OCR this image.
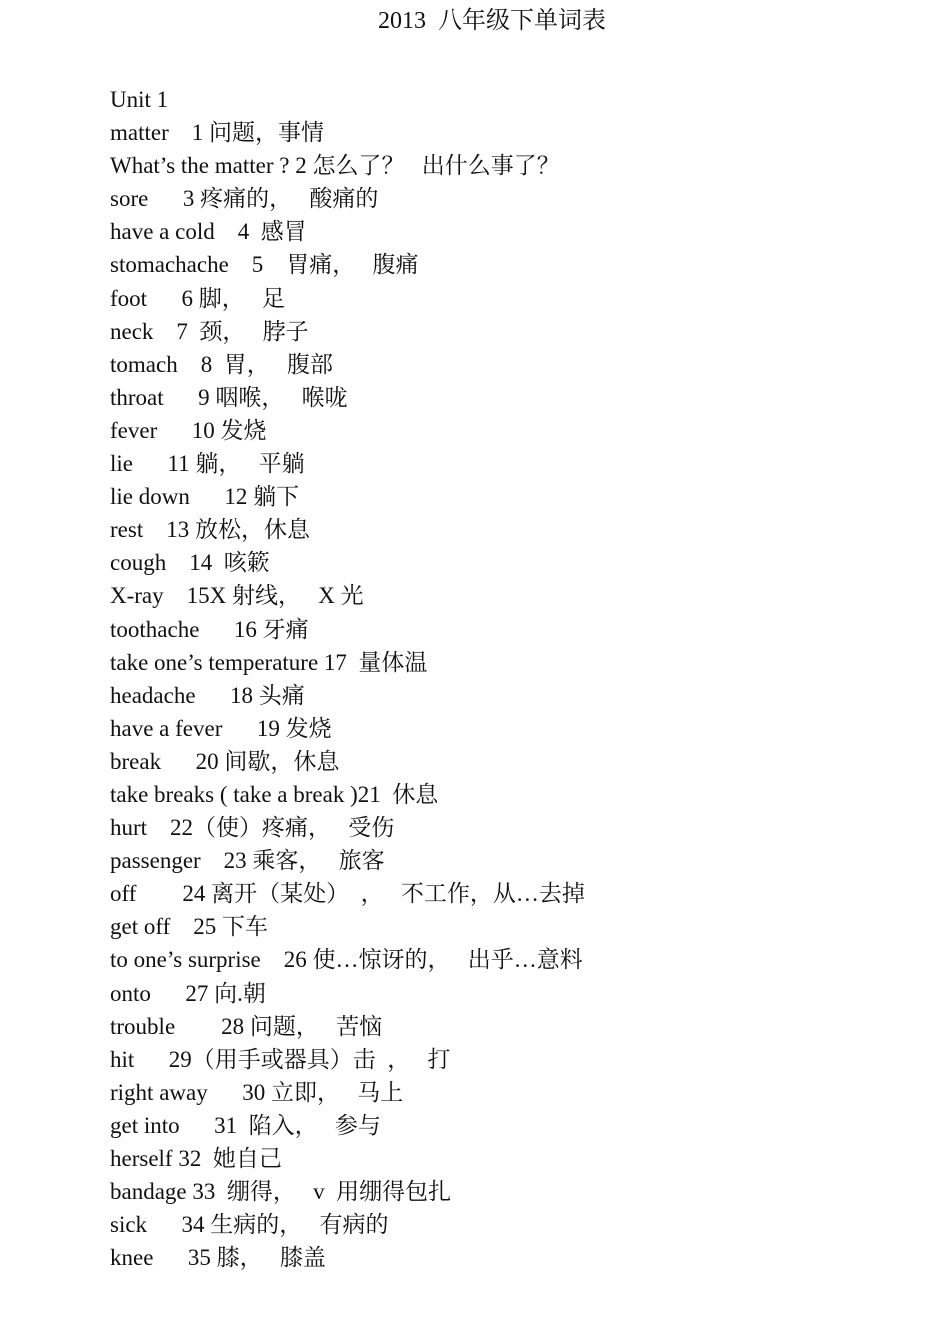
2013  八年级下单词表
Unit 1
matter    1 问题，事情
What’s the matter ? 2 怎么了？   出什么事了？
sore      3 疼痛的，   酸痛的
have a cold    4  感冒
stomachache    5    胃痛，   腹痛
foot      6 脚，   足
neck    7  颈，   脖子
tomach    8  胃，   腹部
throat      9 咽喉，   喉咙
fever      10 发烧
lie      11 躺，   平躺
lie down      12 躺下
rest    13 放松，休息
cough    14  咳簌
X-ray    15X 射线，   X 光
toothache      16 牙痛
take one’s temperature 17  量体温
headache      18 头痛
have a fever      19 发烧
break      20 间歇，休息
take breaks ( take a break )21  休息
hurt    22（使）疼痛，   受伤
passenger    23 乘客，   旅客
off        24 离开（某处）  ，   不工作，从…去掉
get off    25 下车
to one’s surprise    26 使…惊讶的，   出乎…意料
onto      27 向.朝
trouble        28 问题，   苦恼
hit      29（用手或器具）击  ，   打
right away      30 立即，   马上
get into      31  陷入，   参与
herself 32  她自己
bandage 33  绷得，   v  用绷得包扎
sick      34 生病的，   有病的
knee      35 膝，   膝盖
